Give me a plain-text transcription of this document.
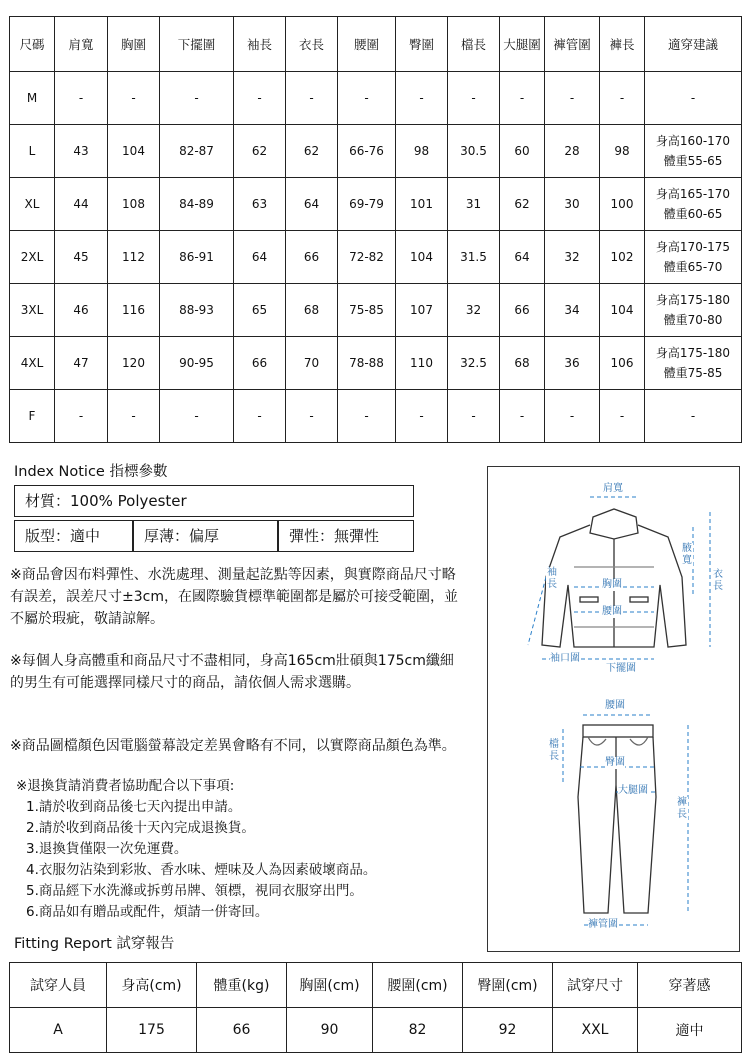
尺碼	肩寬	胸圍	下擺圍	袖長	衣長	腰圍	臀圍	檔長	大腿圍	褲管圍	褲長	適穿建議
M	-	-	-	-	-	-	-	-	-	-	-	-

L	43	104	82-87	62	62	66-76	98	30.5	60	28	98	身高160-170
體重55-65

XL	44	108	84-89	63	64	69-79	101	31	62	30	100	身高165-170
體重60-65

2XL	45	112	86-91	64	66	72-82	104	31.5	64	32	102	身高170-175
體重65-70

3XL	46	116	88-93	65	68	75-85	107	32	66	34	104	身高175-180
體重70-80

4XL	47	120	90-95	66	70	78-88	110	32.5	68	36	106	身高175-180
體重75-85

F	-	-	-	-	-	-	-	-	-	-	-	-
Index Notice 指標參數
材質：100% Polyester
版型：適中	厚薄：偏厚	彈性：無彈性
※商品會因布料彈性、水洗處理、測量起訖點等因素，與實際商品尺寸略有誤差，誤差尺寸±3cm，在國際驗貨標準範圍都是屬於可接受範圍，並不屬於瑕疵，敬請諒解。
※每個人身高體重和商品尺寸不盡相同，身高165cm壯碩與175cm纖細的男生有可能選擇同樣尺寸的商品，請依個人需求選購。
※商品圖檔顏色因電腦螢幕設定差異會略有不同，以實際商品顏色為準。
※退換貨請消費者協助配合以下事項:
1.請於收到商品後七天內提出申請。
2.請於收到商品後十天內完成退換貨。
3.退換貨僅限一次免運費。
4.衣服勿沾染到彩妝、香水味、煙味及人為因素破壞商品。
5.商品經下水洗滌或拆剪吊牌、領標，視同衣服穿出門。
6.商品如有贈品或配件，煩請一併寄回。
肩寬
袖長	胸圍
腰圍
腋寬
衣長
袖口圍
下擺圍
腰圍
檔長
臀圍
大腿圍
褲長
褲管圍
Fitting Report 試穿報告
試穿人員	身高(cm)	體重(kg)	胸圍(cm)	腰圍(cm)	臀圍(cm)	試穿尺寸	穿著感
A	175	66	90	82	92	XXL	適中
